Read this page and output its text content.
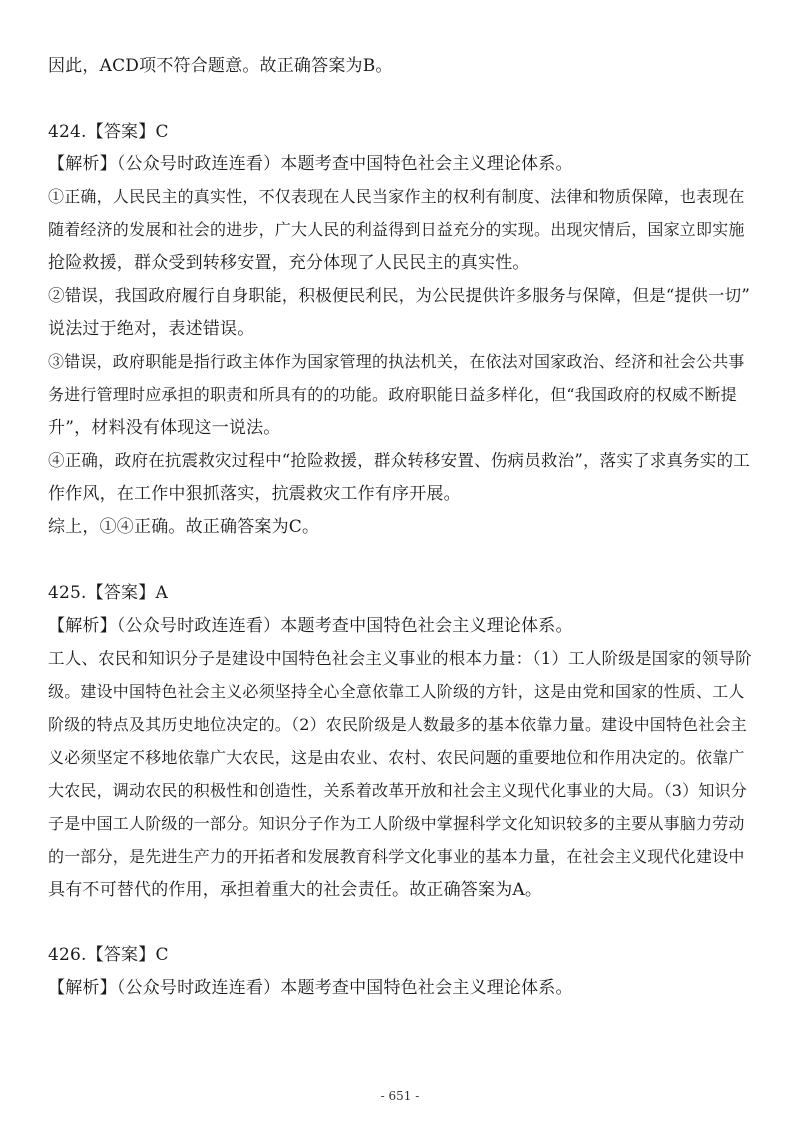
因此，ACD项不符合题意。故正确答案为B。
424.【答案】C
【解析】（公众号时政连连看）本题考查中国特色社会主义理论体系。
①正确，人民民主的真实性，不仅表现在人民当家作主的权利有制度、法律和物质保障，也表现在
随着经济的发展和社会的进步，广大人民的利益得到日益充分的实现。出现灾情后，国家立即实施
抢险救援，群众受到转移安置，充分体现了人民民主的真实性。
②错误，我国政府履行自身职能，积极便民利民，为公民提供许多服务与保障，但是“提供一切”
说法过于绝对，表述错误。
③错误，政府职能是指行政主体作为国家管理的执法机关，在依法对国家政治、经济和社会公共事
务进行管理时应承担的职责和所具有的的功能。政府职能日益多样化，但“我国政府的权威不断提
升”，材料没有体现这一说法。
④正确，政府在抗震救灾过程中“抢险救援，群众转移安置、伤病员救治”，落实了求真务实的工
作作风，在工作中狠抓落实，抗震救灾工作有序开展。
综上，①④正确。故正确答案为C。
425.【答案】A
【解析】（公众号时政连连看）本题考查中国特色社会主义理论体系。
工人、农民和知识分子是建设中国特色社会主义事业的根本力量：（1）工人阶级是国家的领导阶
级。建设中国特色社会主义必须坚持全心全意依靠工人阶级的方针，这是由党和国家的性质、工人
阶级的特点及其历史地位决定的。（2）农民阶级是人数最多的基本依靠力量。建设中国特色社会主
义必须坚定不移地依靠广大农民，这是由农业、农村、农民问题的重要地位和作用决定的。依靠广
大农民，调动农民的积极性和创造性，关系着改革开放和社会主义现代化事业的大局。（3）知识分
子是中国工人阶级的一部分。知识分子作为工人阶级中掌握科学文化知识较多的主要从事脑力劳动
的一部分，是先进生产力的开拓者和发展教育科学文化事业的基本力量，在社会主义现代化建设中
具有不可替代的作用，承担着重大的社会责任。故正确答案为A。
426.【答案】C
【解析】（公众号时政连连看）本题考查中国特色社会主义理论体系。
- 651 -
